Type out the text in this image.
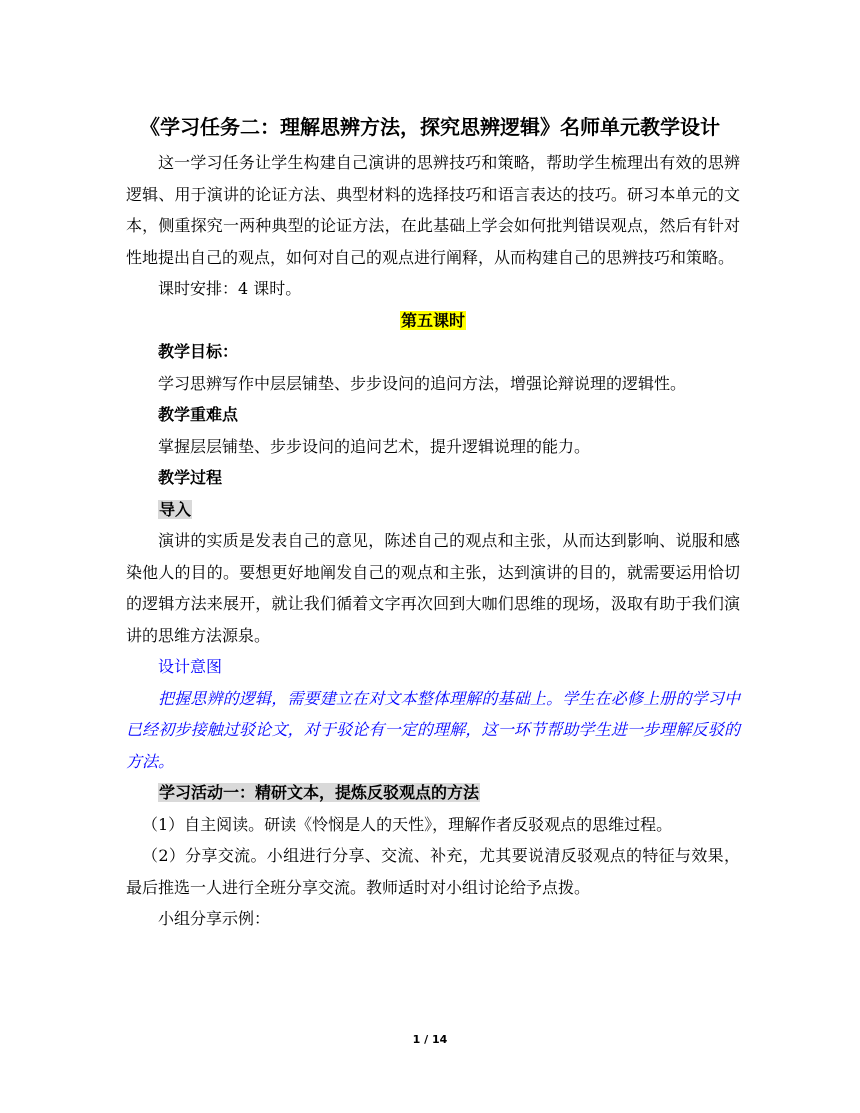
《学习任务二：理解思辨方法，探究思辨逻辑》名师单元教学设计

这一学习任务让学生构建自己演讲的思辨技巧和策略，帮助学生梳理出有效的思辨逻辑、用于演讲的论证方法、典型材料的选择技巧和语言表达的技巧。研习本单元的文本，侧重探究一两种典型的论证方法，在此基础上学会如何批判错误观点，然后有针对性地提出自己的观点，如何对自己的观点进行阐释，从而构建自己的思辨技巧和策略。

课时安排：4 课时。

第五课时

教学目标：

学习思辨写作中层层铺垫、步步设问的追问方法，增强论辩说理的逻辑性。

教学重难点

掌握层层铺垫、步步设问的追问艺术，提升逻辑说理的能力。

教学过程

导入

演讲的实质是发表自己的意见，陈述自己的观点和主张，从而达到影响、说服和感染他人的目的。要想更好地阐发自己的观点和主张，达到演讲的目的，就需要运用恰切的逻辑方法来展开，就让我们循着文字再次回到大咖们思维的现场，汲取有助于我们演讲的思维方法源泉。

设计意图

把握思辨的逻辑，需要建立在对文本整体理解的基础上。学生在必修上册的学习中已经初步接触过驳论文，对于驳论有一定的理解，这一环节帮助学生进一步理解反驳的方法。

学习活动一：精研文本，提炼反驳观点的方法

（1）自主阅读。研读《怜悯是人的天性》，理解作者反驳观点的思维过程。

（2）分享交流。小组进行分享、交流、补充，尤其要说清反驳观点的特征与效果，最后推选一人进行全班分享交流。教师适时对小组讨论给予点拨。

小组分享示例：

1 / 14
